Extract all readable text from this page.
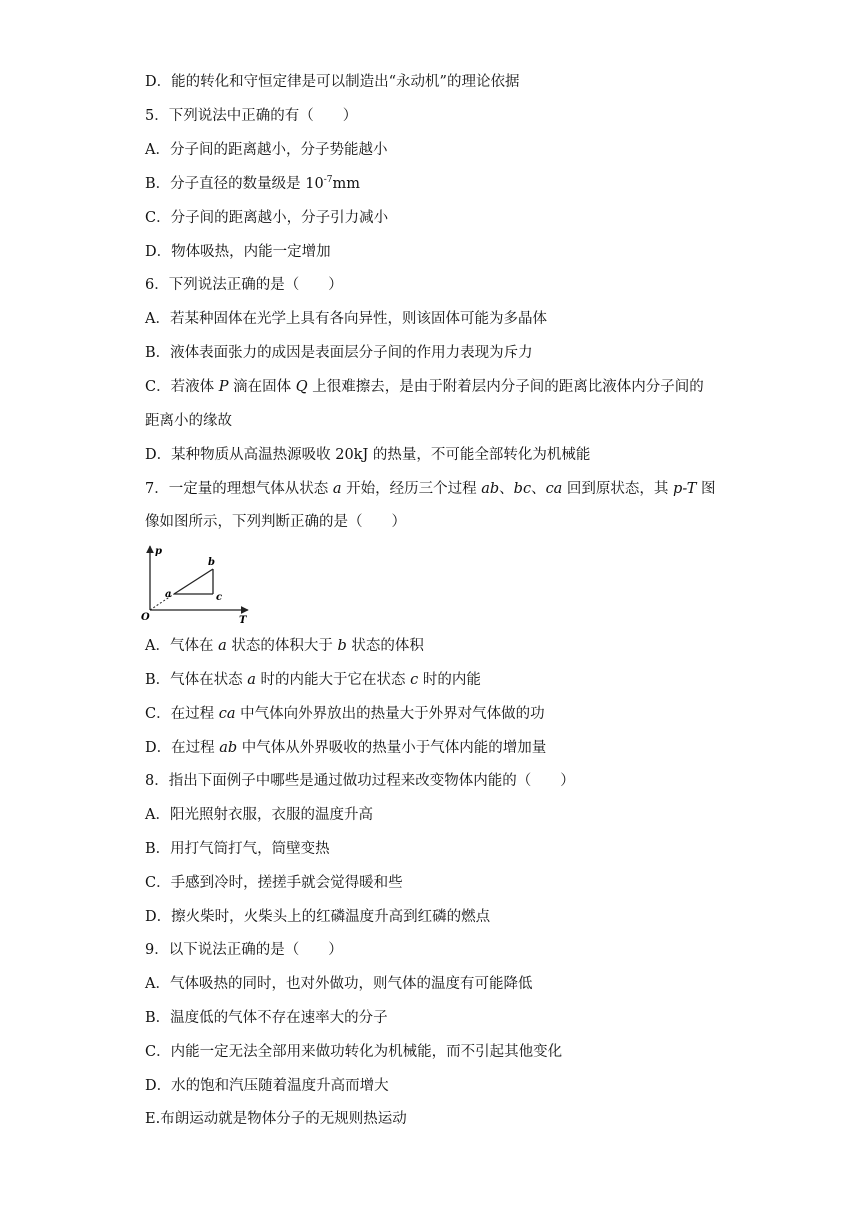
D．能的转化和守恒定律是可以制造出“永动机”的理论依据
5．下列说法中正确的有（　　）
A．分子间的距离越小，分子势能越小
B．分子直径的数量级是 $10^{-7}mm$
C．分子间的距离越小，分子引力减小
D．物体吸热，内能一定增加
6．下列说法正确的是（　　）
A．若某种固体在光学上具有各向异性，则该固体可能为多晶体
B．液体表面张力的成因是表面层分子间的作用力表现为斥力
C．若液体 P 滴在固体 Q 上很难擦去，是由于附着层内分子间的距离比液体内分子间的
距离小的缘故
D．某种物质从高温热源吸收 20kJ 的热量，不可能全部转化为机械能
7．一定量的理想气体从状态 a 开始，经历三个过程 ab、bc、ca 回到原状态，其 p-T 图
像如图所示，下列判断正确的是（　　）
p
T
O
a
b
c
A．气体在 a 状态的体积大于 b 状态的体积
B．气体在状态 a 时的内能大于它在状态 c 时的内能
C．在过程 ca 中气体向外界放出的热量大于外界对气体做的功
D．在过程 ab 中气体从外界吸收的热量小于气体内能的增加量
8．指出下面例子中哪些是通过做功过程来改变物体内能的（　　）
A．阳光照射衣服，衣服的温度升高
B．用打气筒打气，筒壁变热
C．手感到冷时，搓搓手就会觉得暖和些
D．擦火柴时，火柴头上的红磷温度升高到红磷的燃点
9．以下说法正确的是（　　）
A．气体吸热的同时，也对外做功，则气体的温度有可能降低
B．温度低的气体不存在速率大的分子
C．内能一定无法全部用来做功转化为机械能，而不引起其他变化
D．水的饱和汽压随着温度升高而增大
E.布朗运动就是物体分子的无规则热运动
